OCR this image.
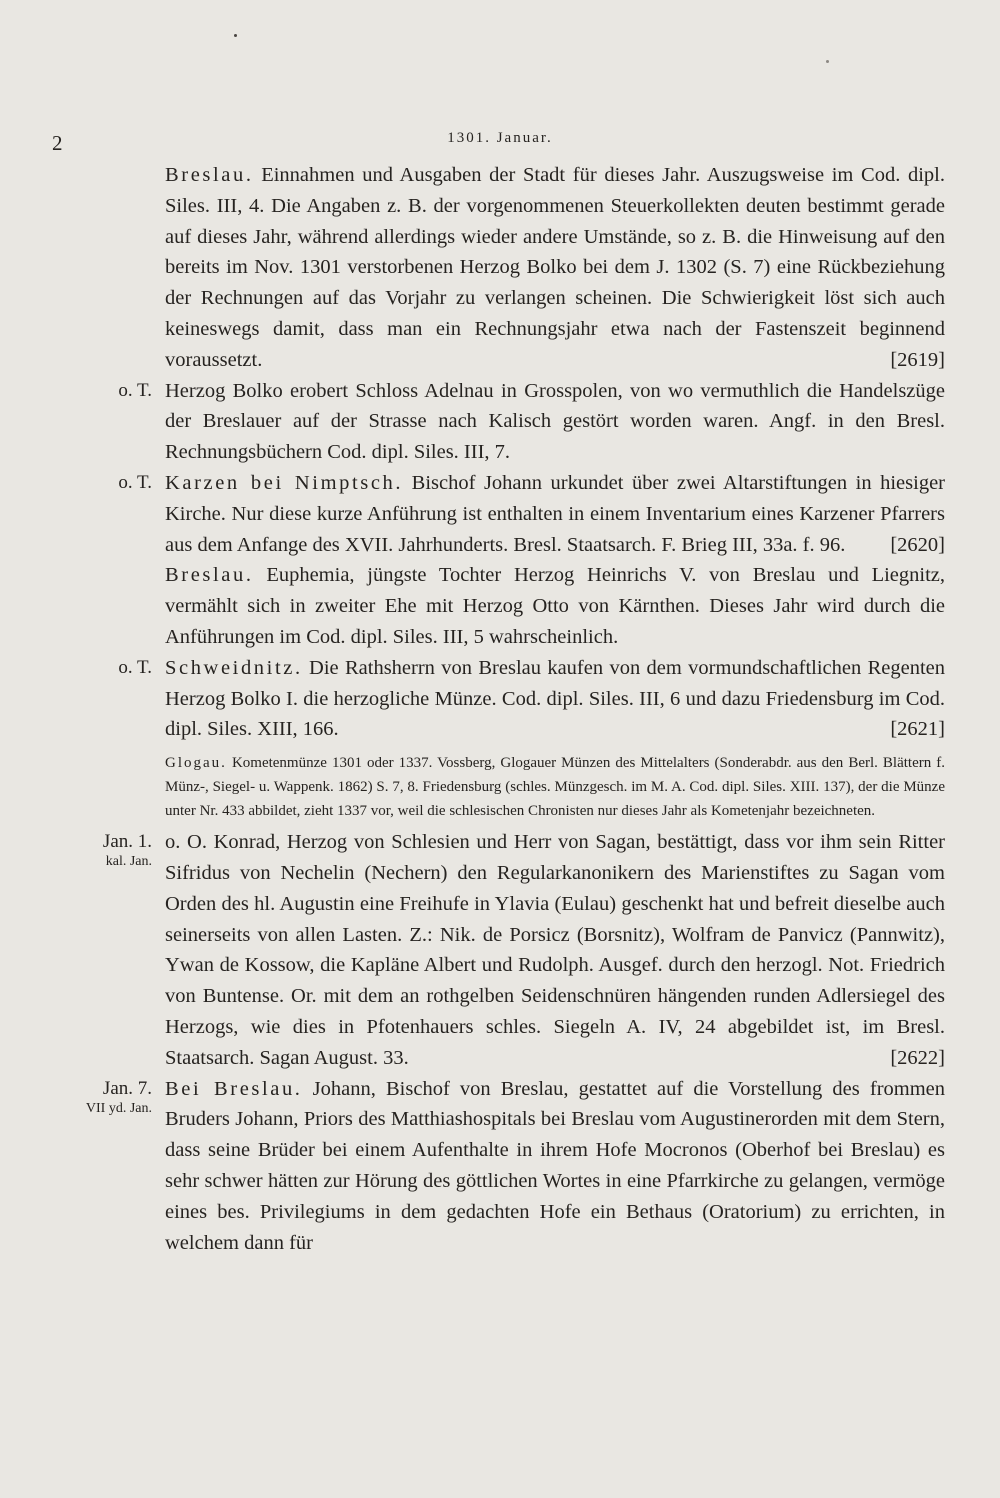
2	1301. Januar.
Breslau. Einnahmen und Ausgaben der Stadt für dieses Jahr. Auszugsweise im Cod. dipl. Siles. III, 4. Die Angaben z. B. der vorgenommenen Steuerkollekten deuten bestimmt gerade auf dieses Jahr, während allerdings wieder andere Umstände, so z. B. die Hinweisung auf den bereits im Nov. 1301 verstorbenen Herzog Bolko bei dem J. 1302 (S. 7) eine Rückbeziehung der Rechnungen auf das Vorjahr zu verlangen scheinen. Die Schwierigkeit löst sich auch keineswegs damit, dass man ein Rechnungsjahr etwa nach der Fastenszeit beginnend voraussetzt.	[2619]
o. T. Herzog Bolko erobert Schloss Adelnau in Grosspolen, von wo vermuthlich die Handelszüge der Breslauer auf der Strasse nach Kalisch gestört worden waren. Angf. in den Bresl. Rechnungsbüchern Cod. dipl. Siles. III, 7.
o. T. Karzen bei Nimptsch. Bischof Johann urkundet über zwei Altarstiftungen in hiesiger Kirche. Nur diese kurze Anführung ist enthalten in einem Inventarium eines Karzener Pfarrers aus dem Anfange des XVII. Jahrhunderts. Bresl. Staatsarch. F. Brieg III, 33a. f. 96. [2620]
Breslau. Euphemia, jüngste Tochter Herzog Heinrichs V. von Breslau und Liegnitz, vermählt sich in zweiter Ehe mit Herzog Otto von Kärnthen. Dieses Jahr wird durch die Anführungen im Cod. dipl. Siles. III, 5 wahrscheinlich.
o. T. Schweidnitz. Die Rathsherrn von Breslau kaufen von dem vormundschaftlichen Regenten Herzog Bolko I. die herzogliche Münze. Cod. dipl. Siles. III, 6 und dazu Friedensburg im Cod. dipl. Siles. XIII, 166.	[2621]
Glogau. Kometenmünze 1301 oder 1337. Vossberg, Glogauer Münzen des Mittelalters (Sonderabdr. aus den Berl. Blättern f. Münz-, Siegel- u. Wappenk. 1862) S. 7, 8. Friedensburg (schles. Münzgesch. im M. A. Cod. dipl. Siles. XIII. 137), der die Münze unter Nr. 433 abbildet, zieht 1337 vor, weil die schlesischen Chronisten nur dieses Jahr als Kometenjahr bezeichneten.
Jan. 1.
kal. Jan.
o. O. Konrad, Herzog von Schlesien und Herr von Sagan, bestättigt, dass vor ihm sein Ritter Sifridus von Nechelin (Nechern) den Regularkanonikern des Marienstiftes zu Sagan vom Orden des hl. Augustin eine Freihufe in Ylavia (Eulau) geschenkt hat und befreit dieselbe auch seinerseits von allen Lasten. Z.: Nik. de Porsicz (Borsnitz), Wolfram de Panvicz (Pannwitz), Ywan de Kossow, die Kapläne Albert und Rudolph. Ausgef. durch den herzogl. Not. Friedrich von Buntense. Or. mit dem an rothgelben Seidenschnüren hängenden runden Adlersiegel des Herzogs, wie dies in Pfotenhauers schles. Siegeln A. IV, 24 abgebildet ist, im Bresl. Staatsarch. Sagan August. 33.	[2622]
Jan. 7.
VII yd. Jan.
Bei Breslau. Johann, Bischof von Breslau, gestattet auf die Vorstellung des frommen Bruders Johann, Priors des Matthiashospitals bei Breslau vom Augustinerorden mit dem Stern, dass seine Brüder bei einem Aufenthalte in ihrem Hofe Mocronos (Oberhof bei Breslau) es sehr schwer hätten zur Hörung des göttlichen Wortes in eine Pfarrkirche zu gelangen, vermöge eines bes. Privilegiums in dem gedachten Hofe ein Bethaus (Oratorium) zu errichten, in welchem dann für
